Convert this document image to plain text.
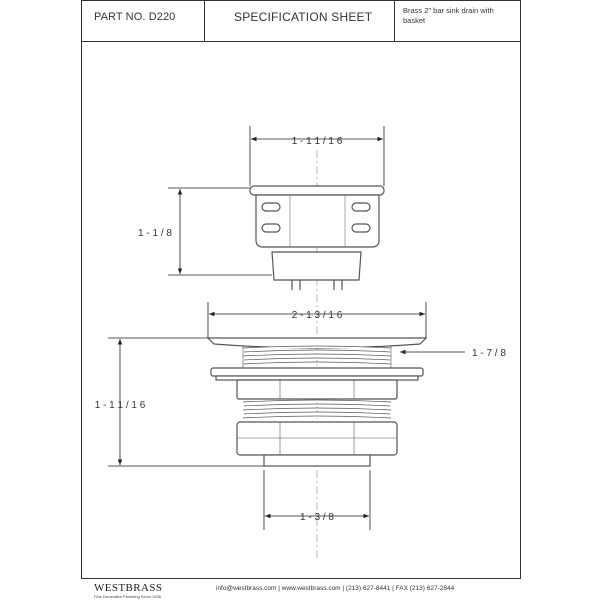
1 - 1 1 / 1 6
1 - 1 / 8
2 - 1 3 / 1 6
1 - 7 / 8
1 - 1 1 / 1 6
1 - 3 / 8
PART NO. D220	SPECIFICATION SHEET	Brass 2" bar sink drain with basket
WESTBRASS
Fine Decorative Plumbing Since 1936
info@westbrass.com | www.westbrass.com | (213) 627-8441 | FAX (213) 627-2844
